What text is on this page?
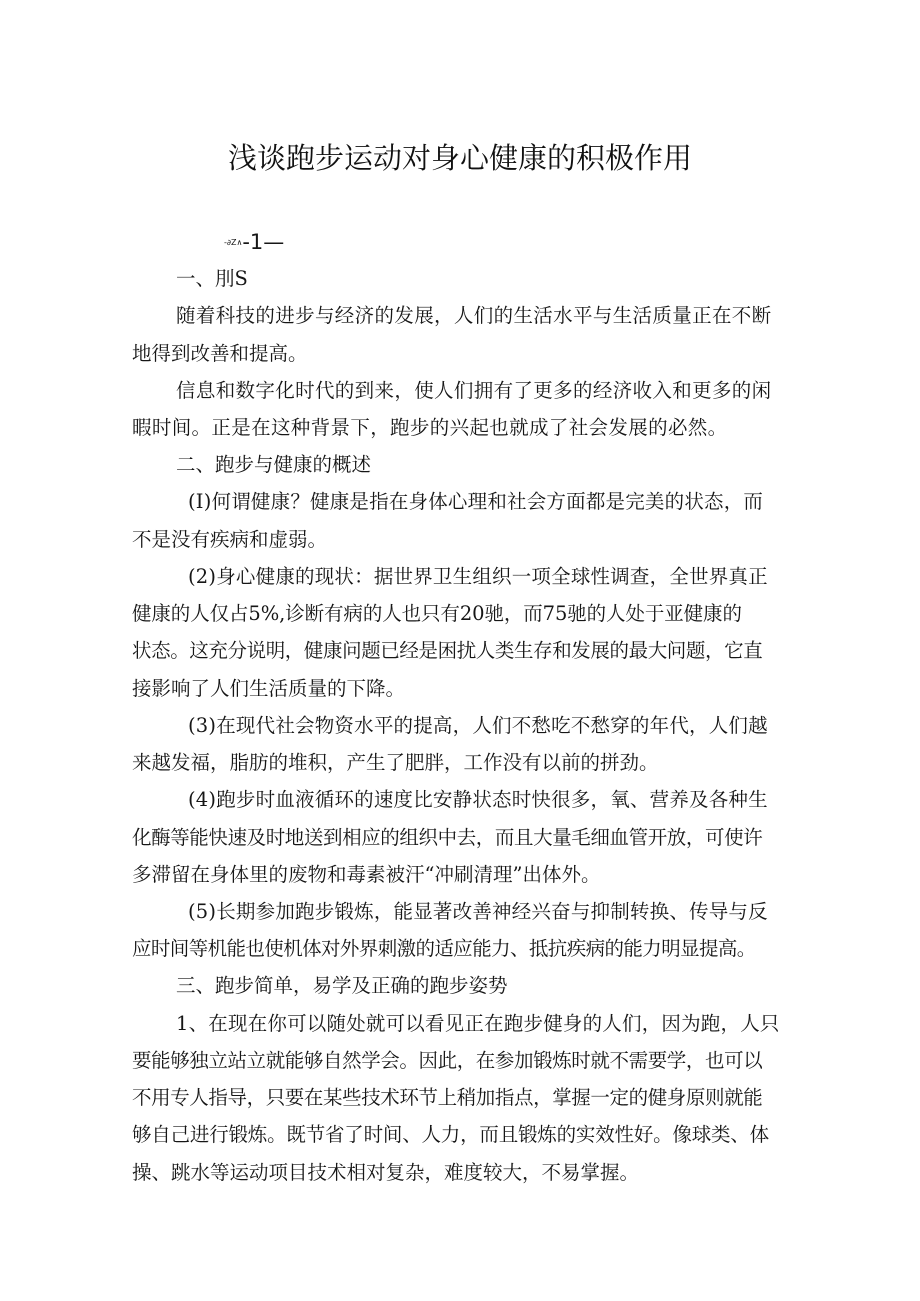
浅谈跑步运动对身心健康的积极作用
-∂Z∧-1—
一、刖S
随着科技的进步与经济的发展，人们的生活水平与生活质量正在不断
地得到改善和提高。
信息和数字化时代的到来，使人们拥有了更多的经济收入和更多的闲
暇时间。正是在这种背景下，跑步的兴起也就成了社会发展的必然。
二、跑步与健康的概述
(I)何谓健康？健康是指在身体心理和社会方面都是完美的状态，而
不是没有疾病和虚弱。
(2)身心健康的现状：据世界卫生组织一项全球性调查，全世界真正
健康的人仅占5%,诊断有病的人也只有20驰，而75驰的人处于亚健康的
状态。这充分说明，健康问题已经是困扰人类生存和发展的最大问题，它直
接影响了人们生活质量的下降。
(3)在现代社会物资水平的提高，人们不愁吃不愁穿的年代，人们越
来越发福，脂肪的堆积，产生了肥胖，工作没有以前的拼劲。
(4)跑步时血液循环的速度比安静状态时快很多，氧、营养及各种生
化酶等能快速及时地送到相应的组织中去，而且大量毛细血管开放，可使许
多滞留在身体里的废物和毒素被汗“冲刷清理”出体外。
(5)长期参加跑步锻炼，能显著改善神经兴奋与抑制转换、传导与反
应时间等机能也使机体对外界刺激的适应能力、抵抗疾病的能力明显提高。
三、跑步简单，易学及正确的跑步姿势
1、在现在你可以随处就可以看见正在跑步健身的人们，因为跑，人只
要能够独立站立就能够自然学会。因此，在参加锻炼时就不需要学，也可以
不用专人指导，只要在某些技术环节上稍加指点，掌握一定的健身原则就能
够自己进行锻炼。既节省了时间、人力，而且锻炼的实效性好。像球类、体
操、跳水等运动项目技术相对复杂，难度较大，不易掌握。
